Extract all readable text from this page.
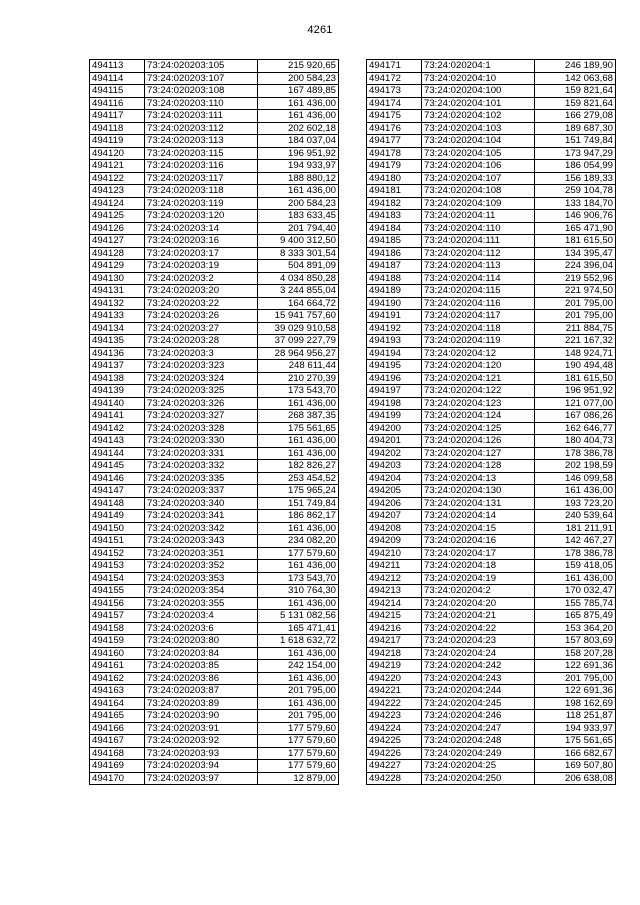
4261
494113	73:24:020203:105	215 920,65
494114	73:24:020203:107	200 584,23
494115	73:24:020203:108	167 489,85
494116	73:24:020203:110	161 436,00
494117	73:24:020203:111	161 436,00
494118	73:24:020203:112	202 602,18
494119	73:24:020203:113	184 037,04
494120	73:24:020203:115	196 951,92
494121	73:24:020203:116	194 933,97
494122	73:24:020203:117	188 880,12
494123	73:24:020203:118	161 436,00
494124	73:24:020203:119	200 584,23
494125	73:24:020203:120	183 633,45
494126	73:24:020203:14	201 794,40
494127	73:24:020203:16	9 400 312,50
494128	73:24:020203:17	8 333 301,54
494129	73:24:020203:19	504 891,09
494130	73:24:020203:2	4 034 850,28
494131	73:24:020203:20	3 244 855,04
494132	73:24:020203:22	164 664,72
494133	73:24:020203:26	15 941 757,60
494134	73:24:020203:27	39 029 910,58
494135	73:24:020203:28	37 099 227,79
494136	73:24:020203:3	28 964 956,27
494137	73:24:020203:323	248 611,44
494138	73:24:020203:324	210 270,39
494139	73:24:020203:325	173 543,70
494140	73:24:020203:326	161 436,00
494141	73:24:020203:327	268 387,35
494142	73:24:020203:328	175 561,65
494143	73:24:020203:330	161 436,00
494144	73:24:020203:331	161 436,00
494145	73:24:020203:332	182 826,27
494146	73:24:020203:335	253 454,52
494147	73:24:020203:337	175 965,24
494148	73:24:020203:340	151 749,84
494149	73:24:020203:341	186 862,17
494150	73:24:020203:342	161 436,00
494151	73:24:020203:343	234 082,20
494152	73:24:020203:351	177 579,60
494153	73:24:020203:352	161 436,00
494154	73:24:020203:353	173 543,70
494155	73:24:020203:354	310 764,30
494156	73:24:020203:355	161 436,00
494157	73:24:020203:4	5 131 082,56
494158	73:24:020203:6	165 471,41
494159	73:24:020203:80	1 618 632,72
494160	73:24:020203:84	161 436,00
494161	73:24:020203:85	242 154,00
494162	73:24:020203:86	161 436,00
494163	73:24:020203:87	201 795,00
494164	73:24:020203:89	161 436,00
494165	73:24:020203:90	201 795,00
494166	73:24:020203:91	177 579,60
494167	73:24:020203:92	177 579,60
494168	73:24:020203:93	177 579,60
494169	73:24:020203:94	177 579,60
494170	73:24:020203:97	12 879,00
494171	73:24:020204:1	246 189,90
494172	73:24:020204:10	142 063,68
494173	73:24:020204:100	159 821,64
494174	73:24:020204:101	159 821,64
494175	73:24:020204:102	166 279,08
494176	73:24:020204:103	189 687,30
494177	73:24:020204:104	151 749,84
494178	73:24:020204:105	173 947,29
494179	73:24:020204:106	186 054,99
494180	73:24:020204:107	156 189,33
494181	73:24:020204:108	259 104,78
494182	73:24:020204:109	133 184,70
494183	73:24:020204:11	146 906,76
494184	73:24:020204:110	165 471,90
494185	73:24:020204:111	181 615,50
494186	73:24:020204:112	134 395,47
494187	73:24:020204:113	224 396,04
494188	73:24:020204:114	219 552,96
494189	73:24:020204:115	221 974,50
494190	73:24:020204:116	201 795,00
494191	73:24:020204:117	201 795,00
494192	73:24:020204:118	211 884,75
494193	73:24:020204:119	221 167,32
494194	73:24:020204:12	148 924,71
494195	73:24:020204:120	190 494,48
494196	73:24:020204:121	181 615,50
494197	73:24:020204:122	196 951,92
494198	73:24:020204:123	121 077,00
494199	73:24:020204:124	167 086,26
494200	73:24:020204:125	162 646,77
494201	73:24:020204:126	180 404,73
494202	73:24:020204:127	178 386,78
494203	73:24:020204:128	202 198,59
494204	73:24:020204:13	146 099,58
494205	73:24:020204:130	161 436,00
494206	73:24:020204:131	193 723,20
494207	73:24:020204:14	240 539,64
494208	73:24:020204:15	181 211,91
494209	73:24:020204:16	142 467,27
494210	73:24:020204:17	178 386,78
494211	73:24:020204:18	159 418,05
494212	73:24:020204:19	161 436,00
494213	73:24:020204:2	170 032,47
494214	73:24:020204:20	155 785,74
494215	73:24:020204:21	165 875,49
494216	73:24:020204:22	153 364,20
494217	73:24:020204:23	157 803,69
494218	73:24:020204:24	158 207,28
494219	73:24:020204:242	122 691,36
494220	73:24:020204:243	201 795,00
494221	73:24:020204:244	122 691,36
494222	73:24:020204:245	198 162,69
494223	73:24:020204:246	118 251,87
494224	73:24:020204:247	194 933,97
494225	73:24:020204:248	175 561,65
494226	73:24:020204:249	166 682,67
494227	73:24:020204:25	169 507,80
494228	73:24:020204:250	206 638,08
